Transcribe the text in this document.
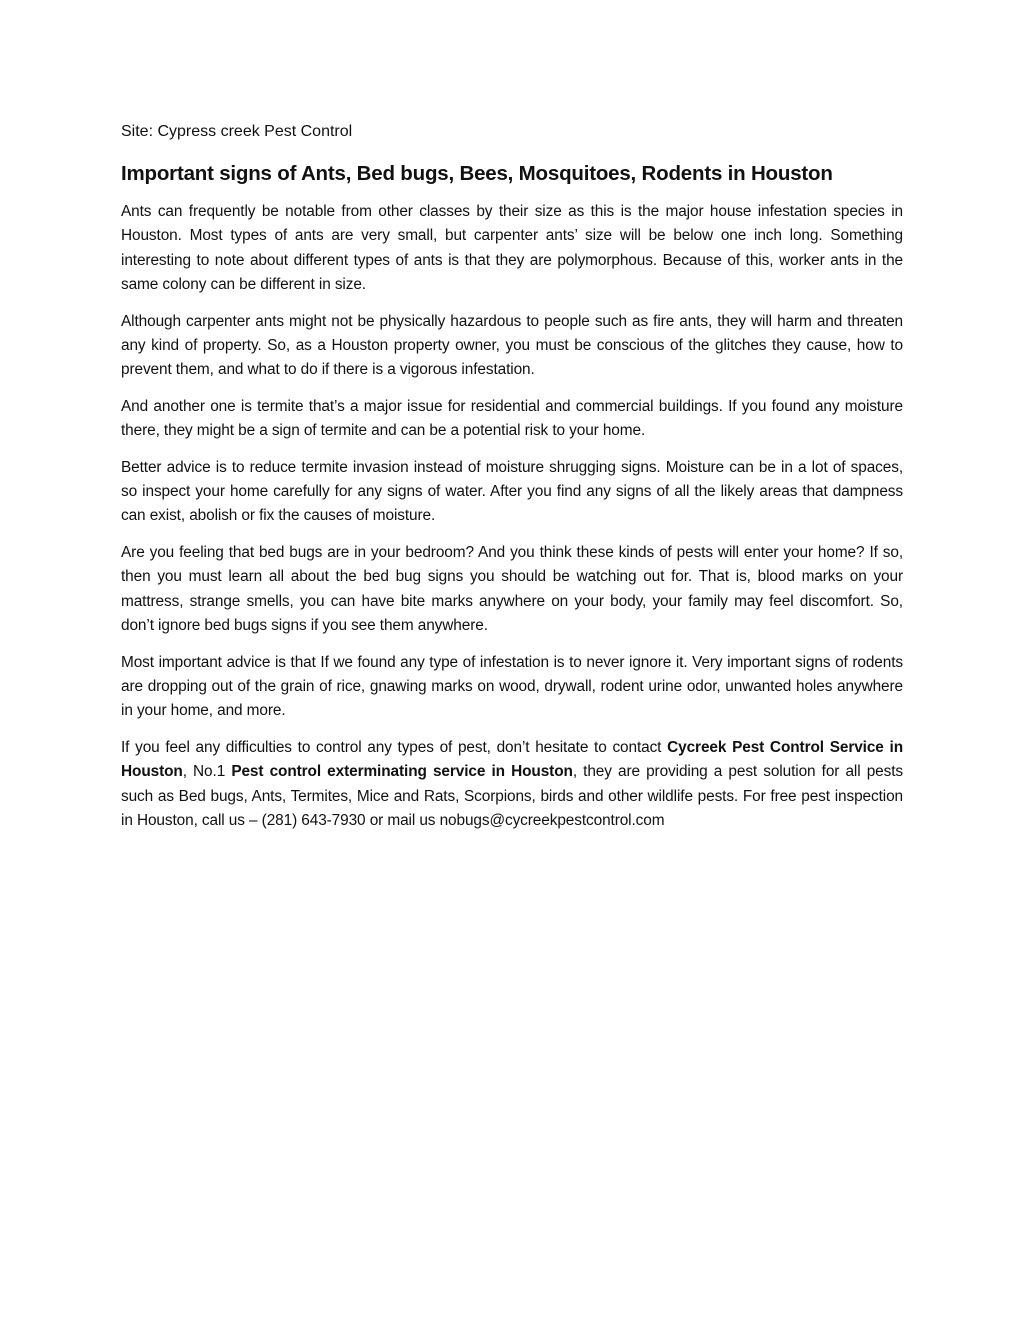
Site: Cypress creek Pest Control

Important signs of Ants, Bed bugs, Bees, Mosquitoes, Rodents in Houston

Ants can frequently be notable from other classes by their size as this is the major house infestation species in Houston. Most types of ants are very small, but carpenter ants’ size will be below one inch long. Something interesting to note about different types of ants is that they are polymorphous. Because of this, worker ants in the same colony can be different in size.

Although carpenter ants might not be physically hazardous to people such as fire ants, they will harm and threaten any kind of property. So, as a Houston property owner, you must be conscious of the glitches they cause, how to prevent them, and what to do if there is a vigorous infestation.

And another one is termite that’s a major issue for residential and commercial buildings. If you found any moisture there, they might be a sign of termite and can be a potential risk to your home.

Better advice is to reduce termite invasion instead of moisture shrugging signs. Moisture can be in a lot of spaces, so inspect your home carefully for any signs of water. After you find any signs of all the likely areas that dampness can exist, abolish or fix the causes of moisture.

Are you feeling that bed bugs are in your bedroom? And you think these kinds of pests will enter your home? If so, then you must learn all about the bed bug signs you should be watching out for. That is, blood marks on your mattress, strange smells, you can have bite marks anywhere on your body, your family may feel discomfort. So, don’t ignore bed bugs signs if you see them anywhere.

Most important advice is that If we found any type of infestation is to never ignore it. Very important signs of rodents are dropping out of the grain of rice, gnawing marks on wood, drywall, rodent urine odor, unwanted holes anywhere in your home, and more.

If you feel any difficulties to control any types of pest, don’t hesitate to contact Cycreek Pest Control Service in Houston, No.1 Pest control exterminating service in Houston, they are providing a pest solution for all pests such as Bed bugs, Ants, Termites, Mice and Rats, Scorpions, birds and other wildlife pests. For free pest inspection in Houston, call us – (281) 643-7930 or mail us nobugs@cycreekpestcontrol.com
